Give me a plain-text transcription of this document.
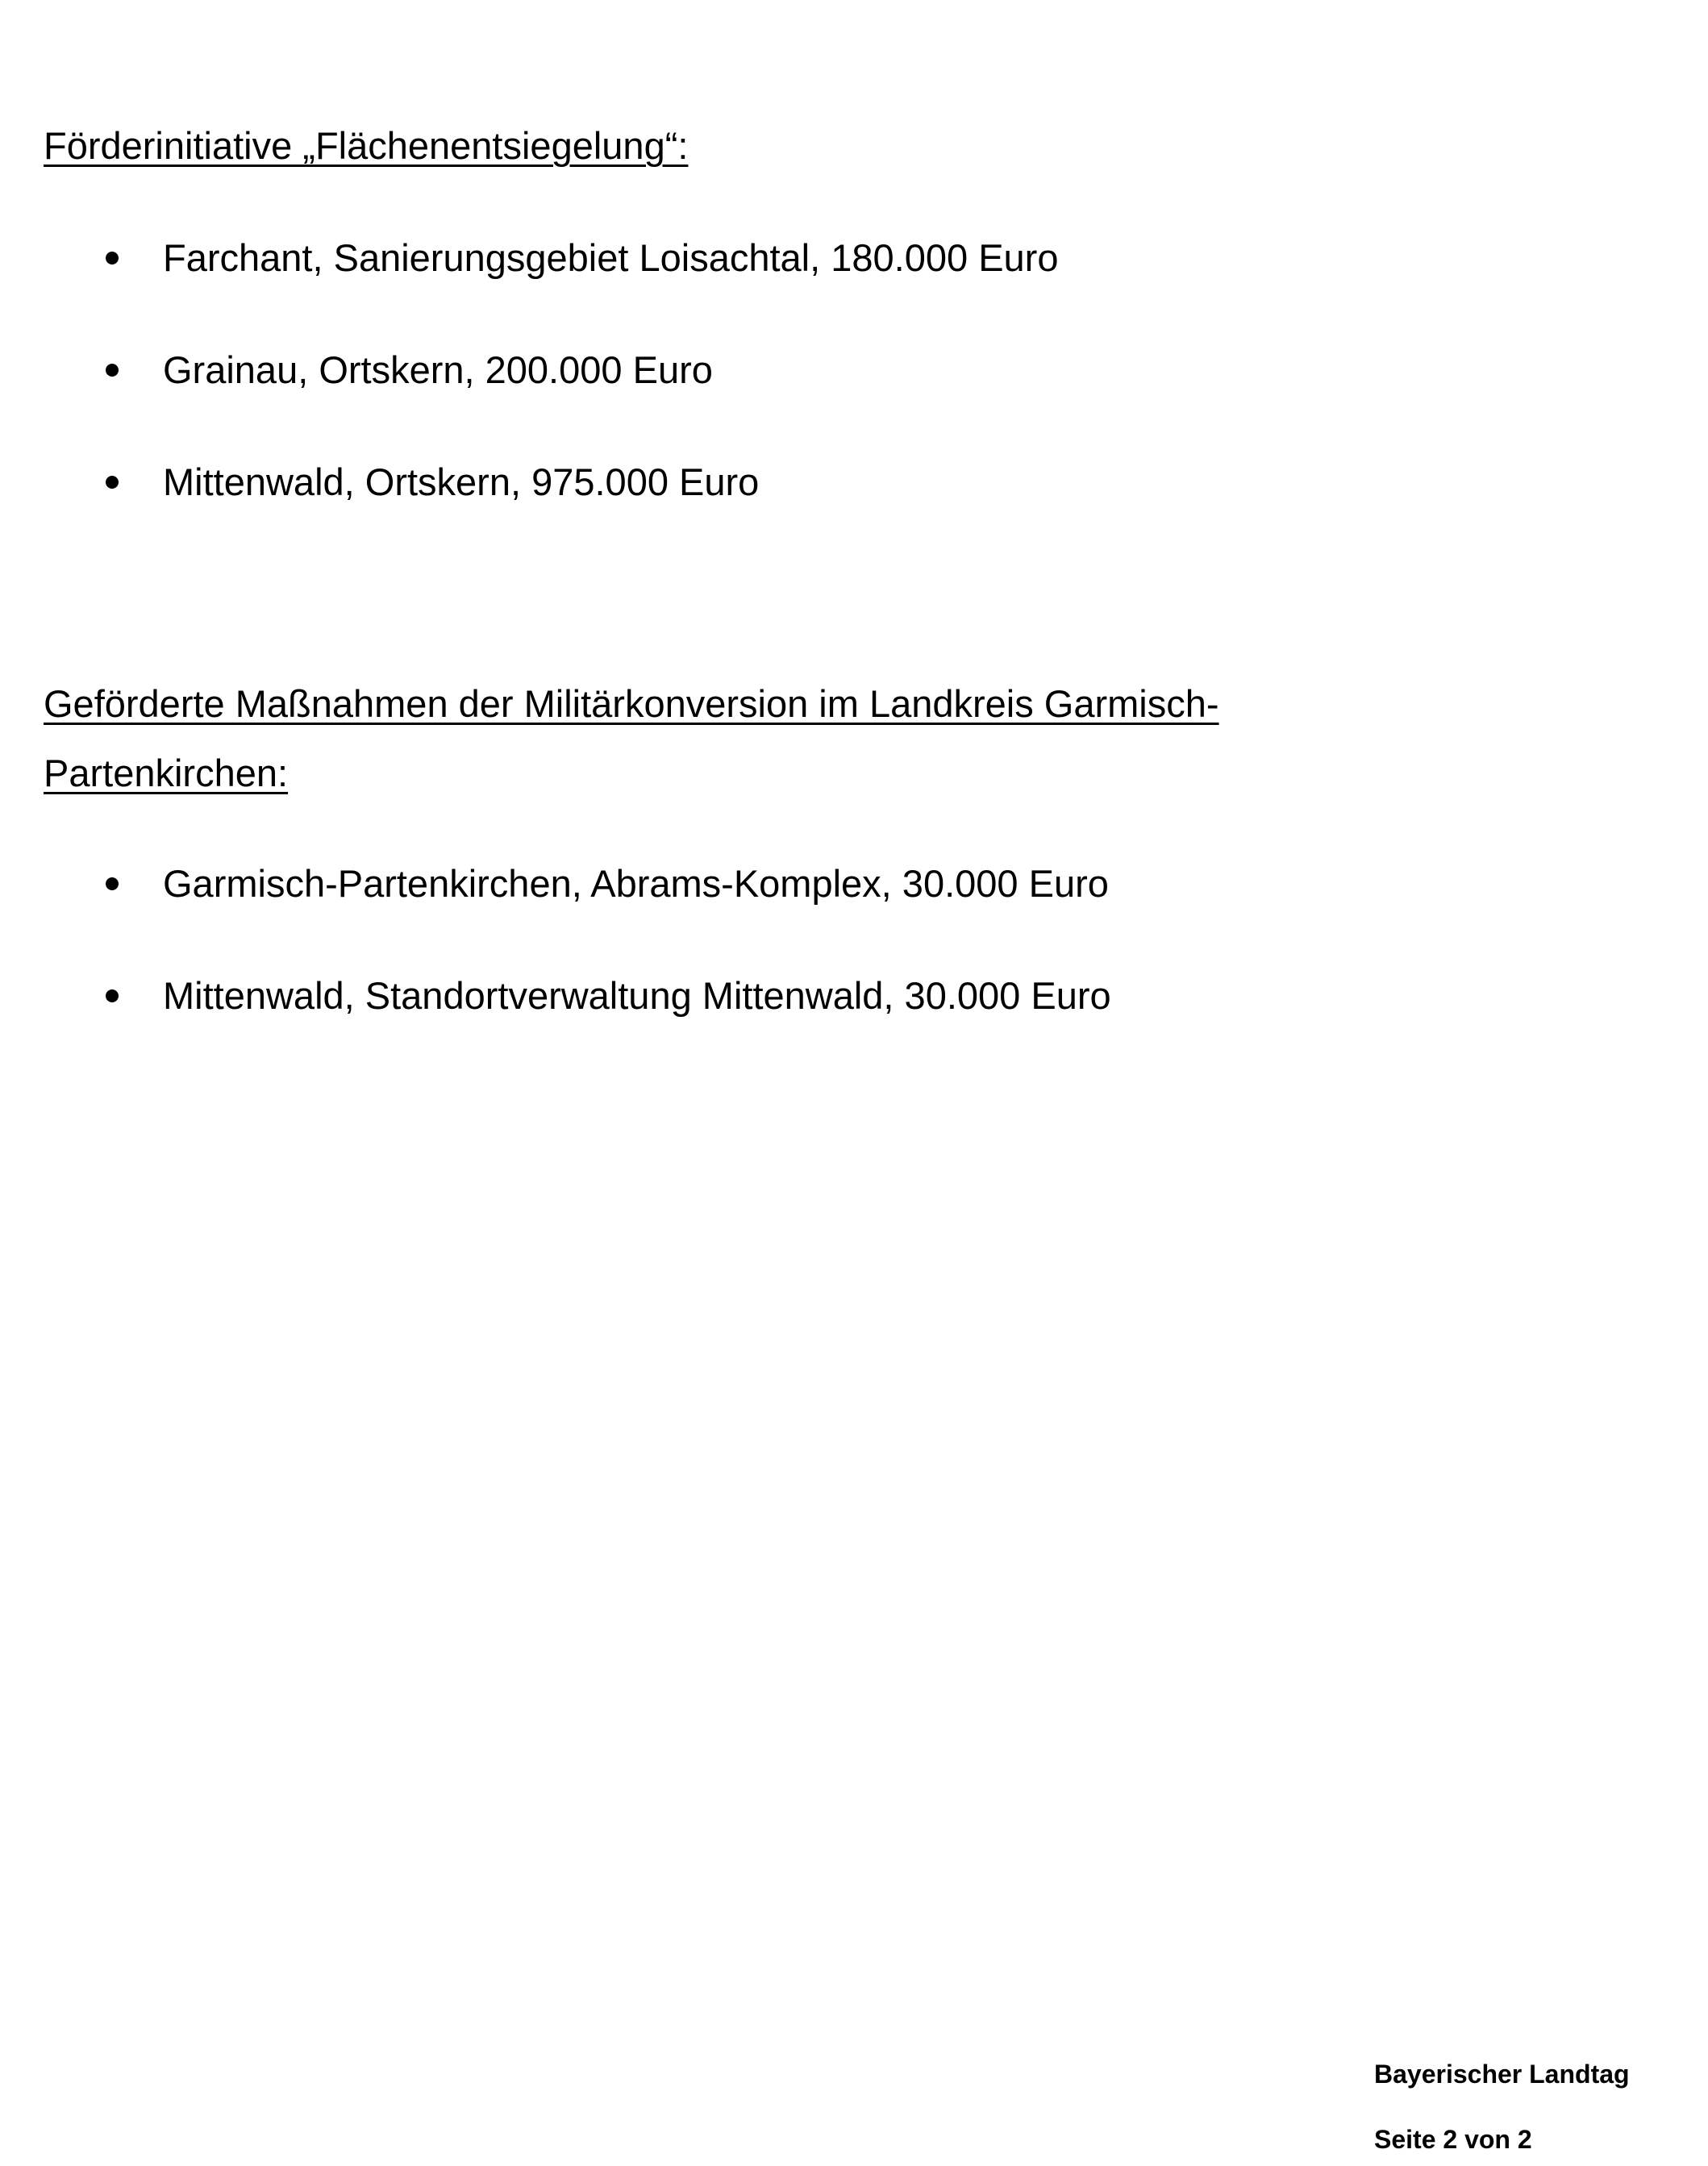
Förderinitiative „Flächenentsiegelung“:
Farchant, Sanierungsgebiet Loisachtal, 180.000 Euro
Grainau, Ortskern, 200.000 Euro
Mittenwald, Ortskern, 975.000 Euro
Geförderte Maßnahmen der Militärkonversion im Landkreis Garmisch-
Partenkirchen:
Garmisch-Partenkirchen, Abrams-Komplex, 30.000 Euro
Mittenwald, Standortverwaltung Mittenwald, 30.000 Euro
Bayerischer Landtag
Seite 2 von 2
